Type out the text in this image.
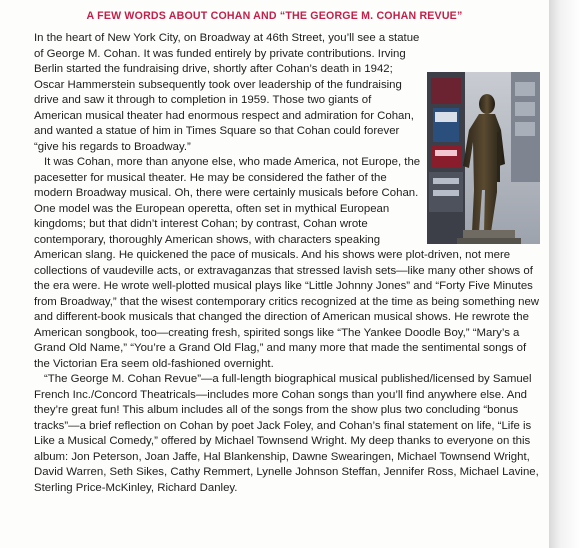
A FEW WORDS ABOUT COHAN AND “THE GEORGE M. COHAN REVUE”

In the heart of New York City, on Broadway at 46th Street, you’ll see a statue of George M. Cohan. It was funded entirely by private contributions. Irving Berlin started the fundraising drive, shortly after Cohan’s death in 1942; Oscar Hammerstein subsequently took over leadership of the fundraising drive and saw it through to completion in 1959. Those two giants of American musical theater had enormous respect and admiration for Cohan, and wanted a statue of him in Times Square so that Cohan could forever “give his regards to Broadway.”

It was Cohan, more than anyone else, who made America, not Europe, the pacesetter for musical theater. He may be considered the father of the modern Broadway musical. Oh, there were certainly musicals before Cohan. One model was the European operetta, often set in mythical European kingdoms; but that didn’t interest Cohan; by contrast, Cohan wrote contemporary, thoroughly American shows, with characters speaking American slang. He quickened the pace of musicals. And his shows were plot-driven, not mere collections of vaudeville acts, or extravaganzas that stressed lavish sets—like many other shows of the era were. He wrote well-plotted musical plays like “Little Johnny Jones” and “Forty Five Minutes from Broadway,” that the wisest contemporary critics recognized at the time as being something new and different-book musicals that changed the direction of American musical shows. He rewrote the American songbook, too—creating fresh, spirited songs like “The Yankee Doodle Boy,” “Mary’s a Grand Old Name,” “You’re a Grand Old Flag,” and many more that made the sentimental songs of the Victorian Era seem old-fashioned overnight.

“The George M. Cohan Revue”—a full-length biographical musical published/licensed by Samuel French Inc./Concord Theatricals—includes more Cohan songs than you’ll find anywhere else. And they’re great fun! This album includes all of the songs from the show plus two concluding “bonus tracks”—a brief reflection on Cohan by poet Jack Foley, and Cohan’s final statement on life, “Life is Like a Musical Comedy,” offered by Michael Townsend Wright. My deep thanks to everyone on this album: Jon Peterson, Joan Jaffe, Hal Blankenship, Dawne Swearingen, Michael Townsend Wright, David Warren, Seth Sikes, Cathy Remmert, Lynelle Johnson Steffan, Jennifer Ross, Michael Lavine, Sterling Price-McKinley, Richard Danley.
